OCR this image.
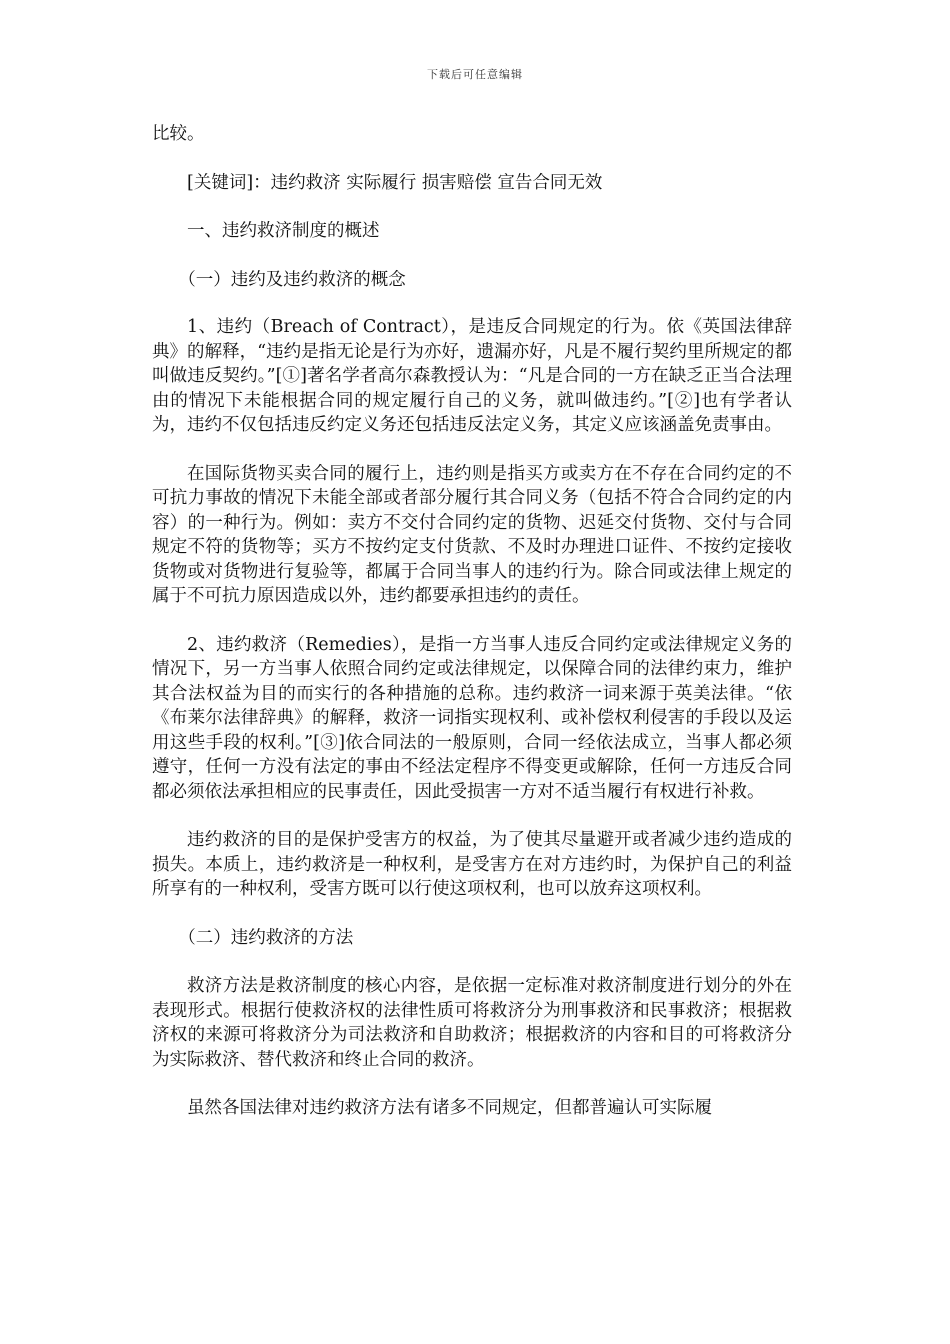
下载后可任意编辑

比较。

[关键词]：违约救济 实际履行 损害赔偿 宣告合同无效

一、违约救济制度的概述

（一）违约及违约救济的概念

1、违约（Breach of Contract），是违反合同规定的行为。依《英国法律辞典》的解释，“违约是指无论是行为亦好，遗漏亦好，凡是不履行契约里所规定的都叫做违反契约。”[①]著名学者高尔森教授认为：“凡是合同的一方在缺乏正当合法理由的情况下未能根据合同的规定履行自己的义务，就叫做违约。”[②]也有学者认为，违约不仅包括违反约定义务还包括违反法定义务，其定义应该涵盖免责事由。

在国际货物买卖合同的履行上，违约则是指买方或卖方在不存在合同约定的不可抗力事故的情况下未能全部或者部分履行其合同义务（包括不符合合同约定的内容）的一种行为。例如：卖方不交付合同约定的货物、迟延交付货物、交付与合同规定不符的货物等；买方不按约定支付货款、不及时办理进口证件、不按约定接收货物或对货物进行复验等，都属于合同当事人的违约行为。除合同或法律上规定的属于不可抗力原因造成以外，违约都要承担违约的责任。

2、违约救济（Remedies），是指一方当事人违反合同约定或法律规定义务的情况下，另一方当事人依照合同约定或法律规定，以保障合同的法律约束力，维护其合法权益为目的而实行的各种措施的总称。违约救济一词来源于英美法律。“依《布莱尔法律辞典》的解释，救济一词指实现权利、或补偿权利侵害的手段以及运用这些手段的权利。”[③]依合同法的一般原则，合同一经依法成立，当事人都必须遵守，任何一方没有法定的事由不经法定程序不得变更或解除，任何一方违反合同都必须依法承担相应的民事责任，因此受损害一方对不适当履行有权进行补救。

违约救济的目的是保护受害方的权益，为了使其尽量避开或者减少违约造成的损失。本质上，违约救济是一种权利，是受害方在对方违约时，为保护自己的利益所享有的一种权利，受害方既可以行使这项权利，也可以放弃这项权利。

（二）违约救济的方法

救济方法是救济制度的核心内容，是依据一定标准对救济制度进行划分的外在表现形式。根据行使救济权的法律性质可将救济分为刑事救济和民事救济；根据救济权的来源可将救济分为司法救济和自助救济；根据救济的内容和目的可将救济分为实际救济、替代救济和终止合同的救济。

虽然各国法律对违约救济方法有诸多不同规定，但都普遍认可实际履
